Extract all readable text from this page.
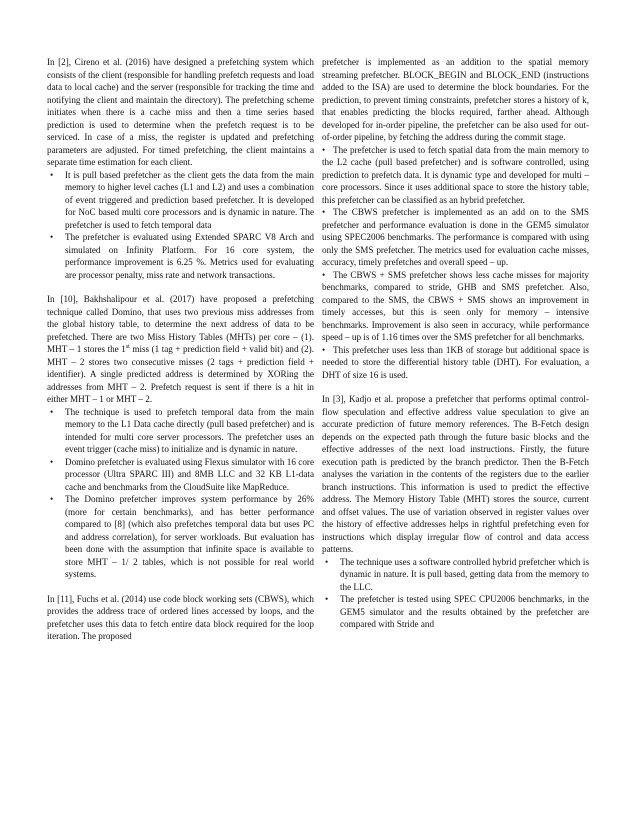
In [2], Cireno et al. (2016) have designed a prefetching system which consists of the client (responsible for handling prefetch requests and load data to local cache) and the server (responsible for tracking the time and notifying the client and maintain the directory). The prefetching scheme initiates when there is a cache miss and then a time series based prediction is used to determine when the prefetch request is to be serviced. In case of a miss, the register is updated and prefetching parameters are adjusted. For timed prefetching, the client maintains a separate time estimation for each client.

• It is pull based prefetcher as the client gets the data from the main memory to higher level caches (L1 and L2) and uses a combination of event triggered and prediction based prefetcher. It is developed for NoC based multi core processors and is dynamic in nature. The prefetcher is used to fetch temporal data
• The prefetcher is evaluated using Extended SPARC V8 Arch and simulated on Infinity Platform. For 16 core system, the performance improvement is 6.25 %. Metrics used for evaluating are processor penalty, miss rate and network transactions.

In [10], Bakhshalipour et al. (2017) have proposed a prefetching technique called Domino, that uses two previous miss addresses from the global history table, to determine the next address of data to be prefetched. There are two Miss History Tables (MHTs) per core – (1). MHT – 1 stores the 1st miss (1 tag + prediction field + valid bit) and (2). MHT – 2 stores two consecutive misses (2 tags + prediction field + identifier). A single predicted address is determined by XORing the addresses from MHT – 2. Prefetch request is sent if there is a hit in either MHT – 1 or MHT – 2.

• The technique is used to prefetch temporal data from the main memory to the L1 Data cache directly (pull based prefetcher) and is intended for multi core server processors. The prefetcher uses an event trigger (cache miss) to initialize and is dynamic in nature.
• Domino prefetcher is evaluated using Flexus simulator with 16 core processor (Ultra SPARC III) and 8MB LLC and 32 KB L1-data cache and benchmarks from the CloudSuite like MapReduce.
• The Domino prefetcher improves system performance by 26% (more for certain benchmarks), and has better performance compared to [8] (which also prefetches temporal data but uses PC and address correlation), for server workloads. But evaluation has been done with the assumption that infinite space is available to store MHT – 1/ 2 tables, which is not possible for real world systems.

In [11], Fuchs et al. (2014) use code block working sets (CBWS), which provides the address trace of ordered lines accessed by loops, and the prefetcher uses this data to fetch entire data block required for the loop iteration. The proposed

prefetcher is implemented as an addition to the spatial memory streaming prefetcher. BLOCK_BEGIN and BLOCK_END (instructions added to the ISA) are used to determine the block boundaries. For the prediction, to prevent timing constraints, prefetcher stores a history of k, that enables predicting the blocks required, farther ahead. Although developed for in-order pipeline, the prefetcher can be also used for out-of-order pipeline, by fetching the address during the commit stage.

• The prefetcher is used to fetch spatial data from the main memory to the L2 cache (pull based prefetcher) and is software controlled, using prediction to prefetch data. It is dynamic type and developed for multi – core processors. Since it uses additional space to store the history table, this prefetcher can be classified as an hybrid prefetcher.

• The CBWS prefetcher is implemented as an add on to the SMS prefetcher and performance evaluation is done in the GEM5 simulator using SPEC2006 benchmarks. The performance is compared with using only the SMS prefetcher. The metrics used for evaluation cache misses, accuracy, timely prefetches and overall speed – up.

• The CBWS + SMS prefetcher shows less cache misses for majority benchmarks, compared to stride, GHB and SMS prefetcher. Also, compared to the SMS, the CBWS + SMS shows an improvement in timely accesses, but this is seen only for memory – intensive benchmarks. Improvement is also seen in accuracy, while performance speed – up is of 1.16 times over the SMS prefetcher for all benchmarks.

• This prefetcher uses less than 1KB of storage but additional space is needed to store the differential history table (DHT). For evaluation, a DHT of size 16 is used.

In [3], Kadjo et al. propose a prefetcher that performs optimal control-flow speculation and effective address value speculation to give an accurate prediction of future memory references. The B-Fetch design depends on the expected path through the future basic blocks and the effective addresses of the next load instructions. Firstly, the future execution path is predicted by the branch predictor. Then the B-Fetch analyses the variation in the contents of the registers due to the earlier branch instructions. This information is used to predict the effective address. The Memory History Table (MHT) stores the source, current and offset values. The use of variation observed in register values over the history of effective addresses helps in rightful prefetching even for instructions which display irregular flow of control and data access patterns.

• The technique uses a software controlled hybrid prefetcher which is dynamic in nature. It is pull based, getting data from the memory to the LLC.
• The prefetcher is tested using SPEC CPU2006 benchmarks, in the GEM5 simulator and the results obtained by the prefetcher are compared with Stride and
